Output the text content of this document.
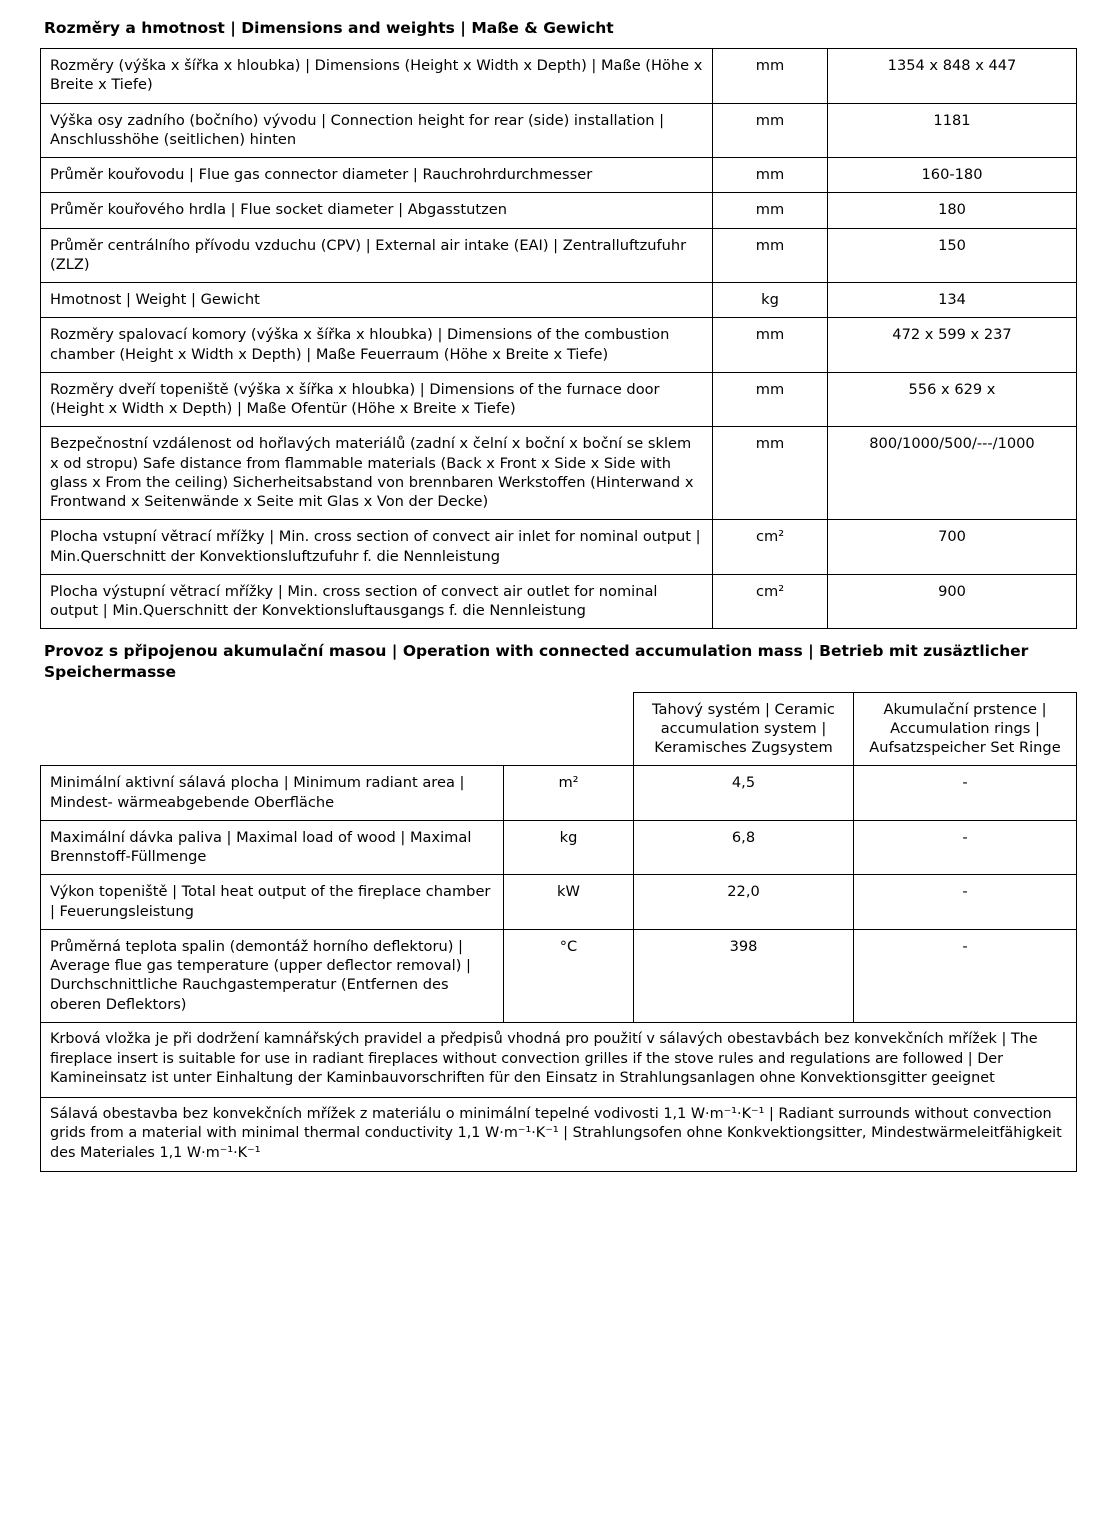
Rozměry a hmotnost | Dimensions and weights | Maße & Gewicht
Rozměry (výška x šířka x hloubka) | Dimensions (Height x Width x Depth) | Maße (Höhe x Breite x Tiefe)	mm	1354 x 848 x 447
Výška osy zadního (bočního) vývodu | Connection height for rear (side) installation | Anschlusshöhe (seitlichen) hinten	mm	1181
Průměr kouřovodu | Flue gas connector diameter | Rauchrohrdurchmesser	mm	160-180
Průměr kouřového hrdla | Flue socket diameter | Abgasstutzen	mm	180
Průměr centrálního přívodu vzduchu (CPV) | External air intake (EAI) | Zentralluftzufuhr (ZLZ)	mm	150
Hmotnost | Weight | Gewicht	kg	134
Rozměry spalovací komory (výška x šířka x hloubka) | Dimensions of the combustion chamber (Height x Width x Depth) | Maße Feuerraum (Höhe x Breite x Tiefe)	mm	472 x 599 x 237
Rozměry dveří topeniště (výška x šířka x hloubka) | Dimensions of the furnace door (Height x Width x Depth) | Maße Ofentür (Höhe x Breite x Tiefe)	mm	556 x 629 x
Bezpečnostní vzdálenost od hořlavých materiálů (zadní x čelní x boční x boční se sklem x od stropu) Safe distance from flammable materials (Back x Front x Side x Side with glass x From the ceiling) Sicherheitsabstand von brennbaren Werkstoffen (Hinterwand x Frontwand x Seitenwände x Seite mit Glas x Von der Decke)	mm	800/1000/500/---/1000
Plocha vstupní větrací mřížky | Min. cross section of convect air inlet for nominal output | Min.Querschnitt der Konvektionsluftzufuhr f. die Nennleistung	cm²	700
Plocha výstupní větrací mřížky | Min. cross section of convect air outlet for nominal output | Min.Querschnitt der Konvektionsluftausgangs f. die Nennleistung	cm²	900
Provoz s připojenou akumulační masou | Operation with connected accumulation mass | Betrieb mit zusäztlicher Speichermasse
		Tahový systém | Ceramic accumulation system | Keramisches Zugsystem	Akumulační prstence | Accumulation rings | Aufsatzspeicher Set Ringe
Minimální aktivní sálavá plocha | Minimum radiant area | Mindest- wärmeabgebende Oberfläche	m²	4,5	-
Maximální dávka paliva | Maximal load of wood | Maximal Brennstoff-Füllmenge	kg	6,8	-
Výkon topeniště | Total heat output of the fireplace chamber | Feuerungsleistung	kW	22,0	-
Průměrná teplota spalin (demontáž horního deflektoru) | Average flue gas temperature (upper deflector removal) | Durchschnittliche Rauchgastemperatur (Entfernen des oberen Deflektors)	°C	398	-
Krbová vložka je při dodržení kamnářských pravidel a předpisů vhodná pro použití v sálavých obestavbách bez konvekčních mřížek | The fireplace insert is suitable for use in radiant fireplaces without convection grilles if the stove rules and regulations are followed | Der Kamineinsatz ist unter Einhaltung der Kaminbauvorschriften für den Einsatz in Strahlungsanlagen ohne Konvektionsgitter geeignet			
Sálavá obestavba bez konvekčních mřížek z materiálu o minimální tepelné vodivosti 1,1 W·m⁻¹·K⁻¹ | Radiant surrounds without convection grids from a material with minimal thermal conductivity 1,1 W·m⁻¹·K⁻¹ | Strahlungsofen ohne Konkvektiongsitter, Mindestwärmeleitfähigkeit des Materiales 1,1 W·m⁻¹·K⁻¹			
